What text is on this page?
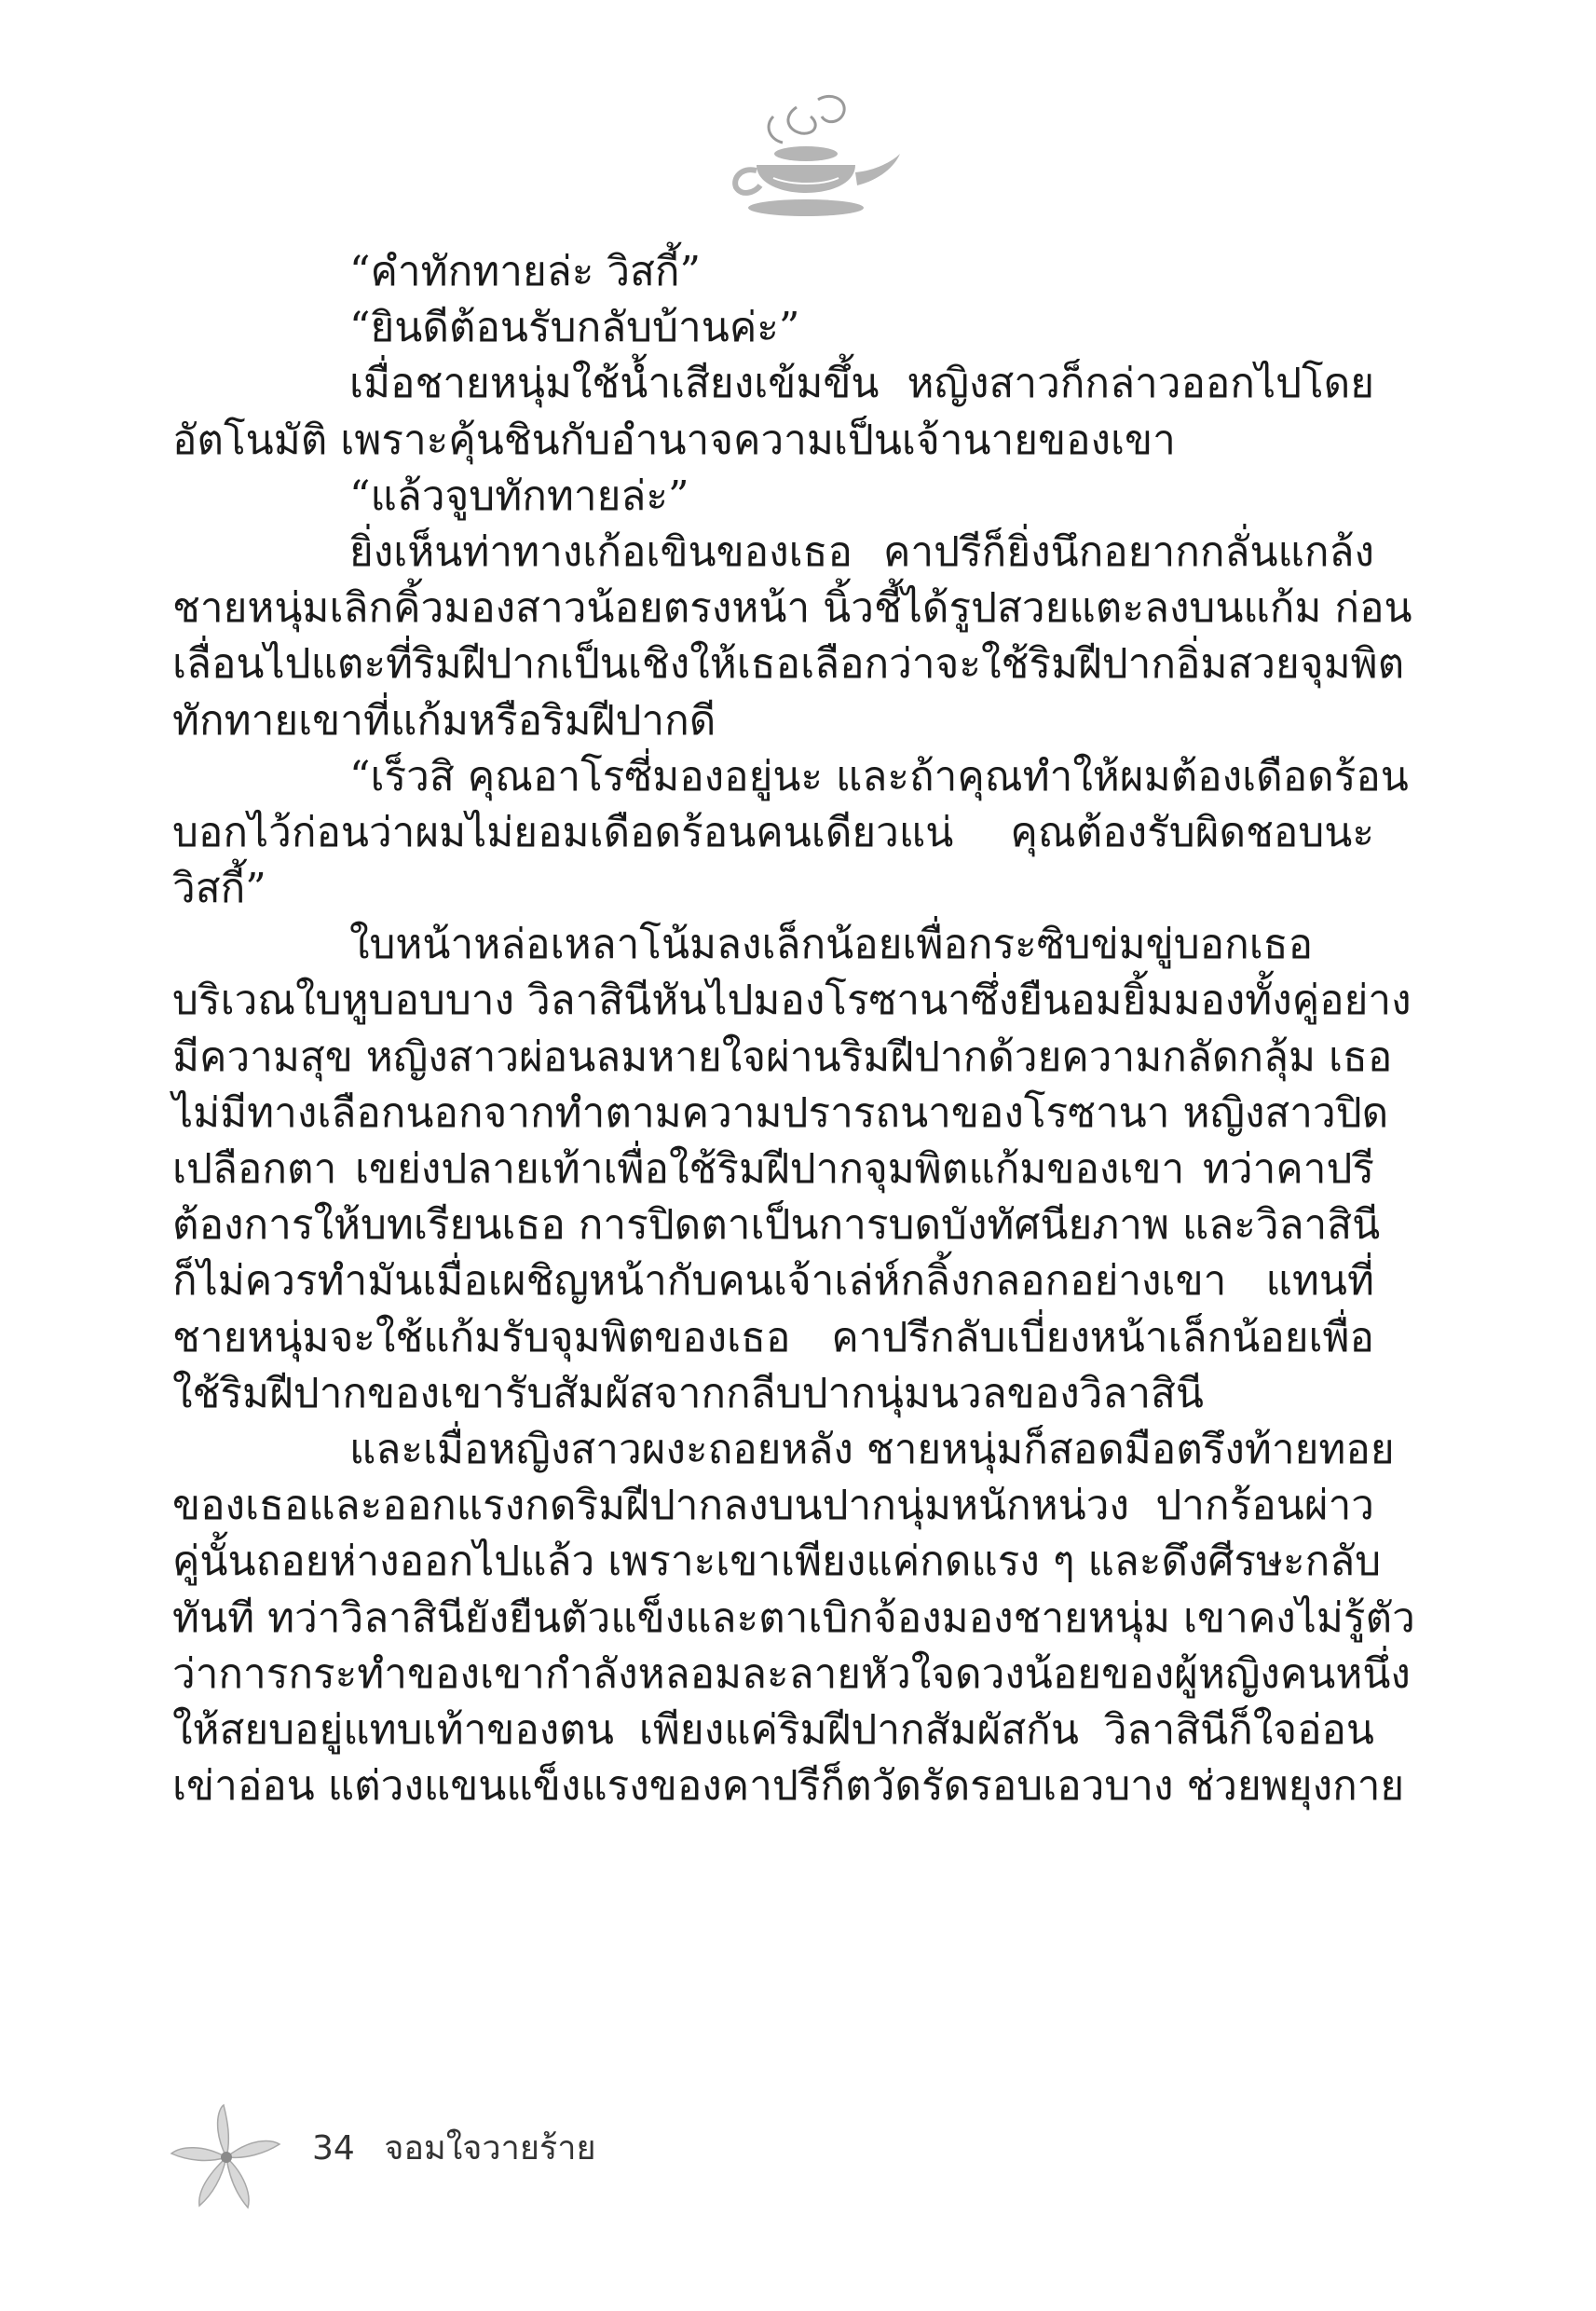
“คำทักทายล่ะ วิสกี้”
“ยินดีต้อนรับกลับบ้านค่ะ”
เมื่อชายหนุ่มใช้น้ำเสียงเข้มขึ้น หญิงสาวก็กล่าวออกไปโดย
อัตโนมัติ เพราะคุ้นชินกับอำนาจความเป็นเจ้านายของเขา
“แล้วจูบทักทายล่ะ”
ยิ่งเห็นท่าทางเก้อเขินของเธอ คาปรีก็ยิ่งนึกอยากกลั่นแกล้ง
ชายหนุ่มเลิกคิ้วมองสาวน้อยตรงหน้า นิ้วชี้ได้รูปสวยแตะลงบนแก้ม ก่อน
เลื่อนไปแตะที่ริมฝีปากเป็นเชิงให้เธอเลือกว่าจะใช้ริมฝีปากอิ่มสวยจุมพิต
ทักทายเขาที่แก้มหรือริมฝีปากดี
“เร็วสิ คุณอาโรซี่มองอยู่นะ และถ้าคุณทำให้ผมต้องเดือดร้อน
บอกไว้ก่อนว่าผมไม่ยอมเดือดร้อนคนเดียวแน่ คุณต้องรับผิดชอบนะ
วิสกี้”
ใบหน้าหล่อเหลาโน้มลงเล็กน้อยเพื่อกระซิบข่มขู่บอกเธอ
บริเวณใบหูบอบบาง วิลาสินีหันไปมองโรซานาซึ่งยืนอมยิ้มมองทั้งคู่อย่าง
มีความสุข หญิงสาวผ่อนลมหายใจผ่านริมฝีปากด้วยความกลัดกลุ้ม เธอ
ไม่มีทางเลือกนอกจากทำตามความปรารถนาของโรซานา หญิงสาวปิด
เปลือกตา เขย่งปลายเท้าเพื่อใช้ริมฝีปากจุมพิตแก้มของเขา ทว่าคาปรี
ต้องการให้บทเรียนเธอ การปิดตาเป็นการบดบังทัศนียภาพ และวิลาสินี
ก็ไม่ควรทำมันเมื่อเผชิญหน้ากับคนเจ้าเล่ห์กลิ้งกลอกอย่างเขา แทนที่
ชายหนุ่มจะใช้แก้มรับจุมพิตของเธอ คาปรีกลับเบี่ยงหน้าเล็กน้อยเพื่อ
ใช้ริมฝีปากของเขารับสัมผัสจากกลีบปากนุ่มนวลของวิลาสินี
และเมื่อหญิงสาวผงะถอยหลัง ชายหนุ่มก็สอดมือตรึงท้ายทอย
ของเธอและออกแรงกดริมฝีปากลงบนปากนุ่มหนักหน่วง ปากร้อนผ่าว
คู่นั้นถอยห่างออกไปแล้ว เพราะเขาเพียงแค่กดแรง ๆ และดึงศีรษะกลับ
ทันที ทว่าวิลาสินียังยืนตัวแข็งและตาเบิกจ้องมองชายหนุ่ม เขาคงไม่รู้ตัว
ว่าการกระทำของเขากำลังหลอมละลายหัวใจดวงน้อยของผู้หญิงคนหนึ่ง
ให้สยบอยู่แทบเท้าของตน เพียงแค่ริมฝีปากสัมผัสกัน วิลาสินีก็ใจอ่อน
เข่าอ่อน แต่วงแขนแข็งแรงของคาปรีก็ตวัดรัดรอบเอวบาง ช่วยพยุงกาย
34 จอมใจวายร้าย
